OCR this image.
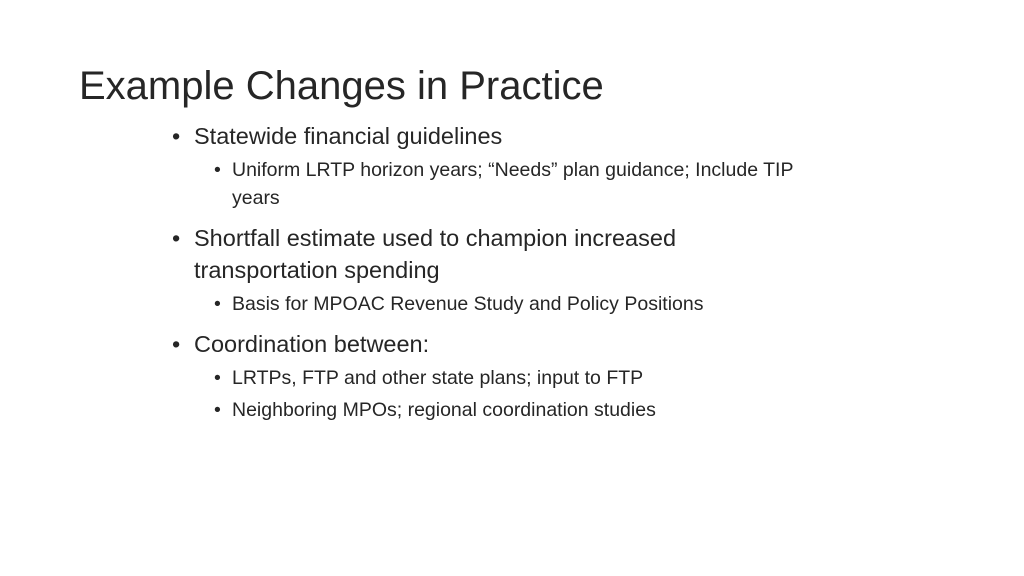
Example Changes in Practice
• Statewide financial guidelines
• Uniform LRTP horizon years; “Needs” plan guidance; Include TIP years
• Shortfall estimate used to champion increased transportation spending
• Basis for MPOAC Revenue Study and Policy Positions
• Coordination between:
• LRTPs, FTP and other state plans; input to FTP
• Neighboring MPOs; regional coordination studies
